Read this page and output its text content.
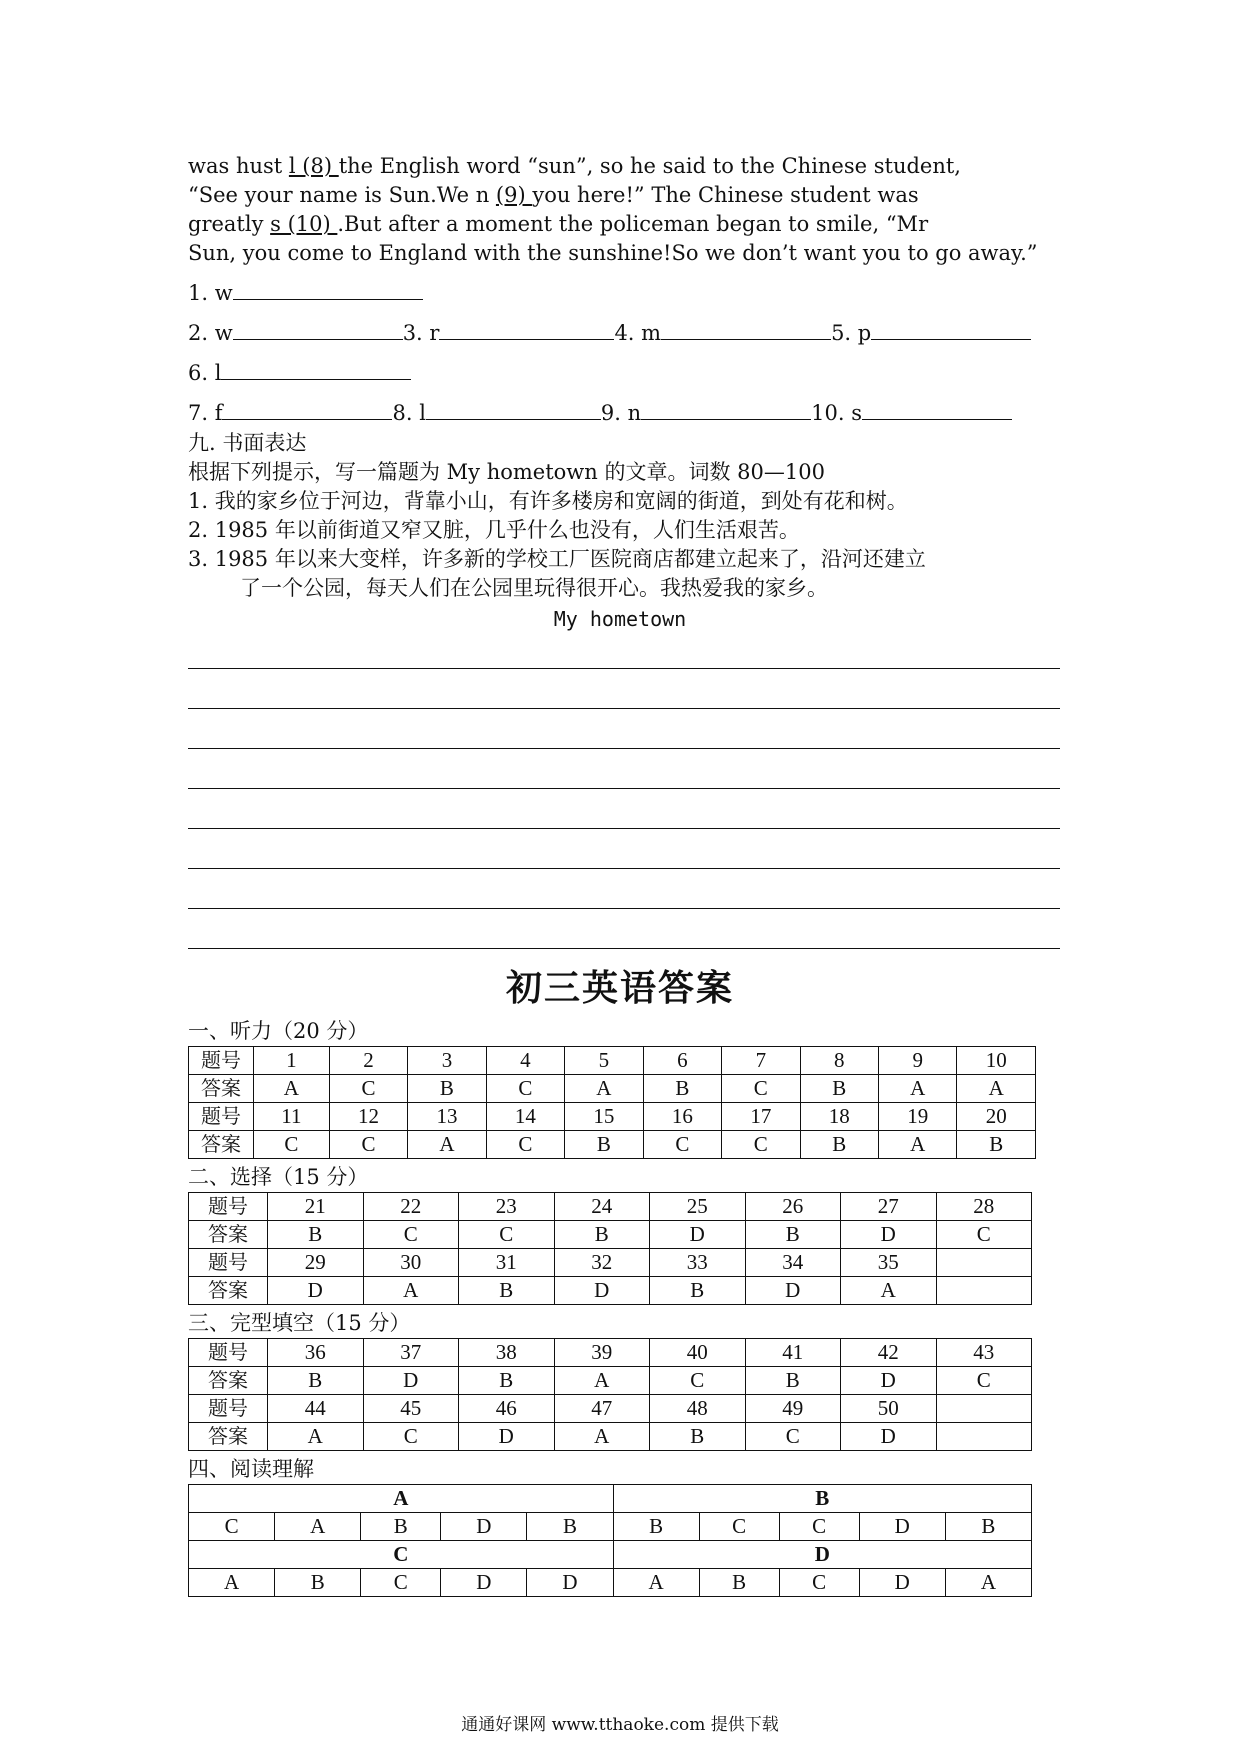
was hust l (8) the English word “sun”, so he said to the Chinese student,
“See your name is Sun.We n (9) you here!” The Chinese student was
greatly s (10) .But after a moment the policeman began to smile, “Mr
Sun, you come to England with the sunshine!So we don’t want you to go away.”
1. w
2. w	3. r	4. m	5. p
6. l
7. f	8. l	9. n	10. s
九. 书面表达
根据下列提示，写一篇题为 My hometown 的文章。词数 80—100
1. 我的家乡位于河边，背靠小山，有许多楼房和宽阔的街道，到处有花和树。
2. 1985 年以前街道又窄又脏，几乎什么也没有，人们生活艰苦。
3. 1985 年以来大变样，许多新的学校工厂医院商店都建立起来了，沿河还建立
了一个公园，每天人们在公园里玩得很开心。我热爱我的家乡。
My hometown
初三英语答案
一、听力（20 分）
题号	1	2	3	4	5	6	7	8	9	10
答案	A	C	B	C	A	B	C	B	A	A
题号	11	12	13	14	15	16	17	18	19	20
答案	C	C	A	C	B	C	C	B	A	B
二、选择（15 分）
题号	21	22	23	24	25	26	27	28
答案	B	C	C	B	D	B	D	C
题号	29	30	31	32	33	34	35	
答案	D	A	B	D	B	D	A	
三、完型填空（15 分）
题号	36	37	38	39	40	41	42	43
答案	B	D	B	A	C	B	D	C
题号	44	45	46	47	48	49	50	
答案	A	C	D	A	B	C	D	
四、阅读理解
A					B				
C	A	B	D	B	B	C	C	D	B
C					D				
A	B	C	D	D	A	B	C	D	A
通通好课网 www.tthaoke.com 提供下载
